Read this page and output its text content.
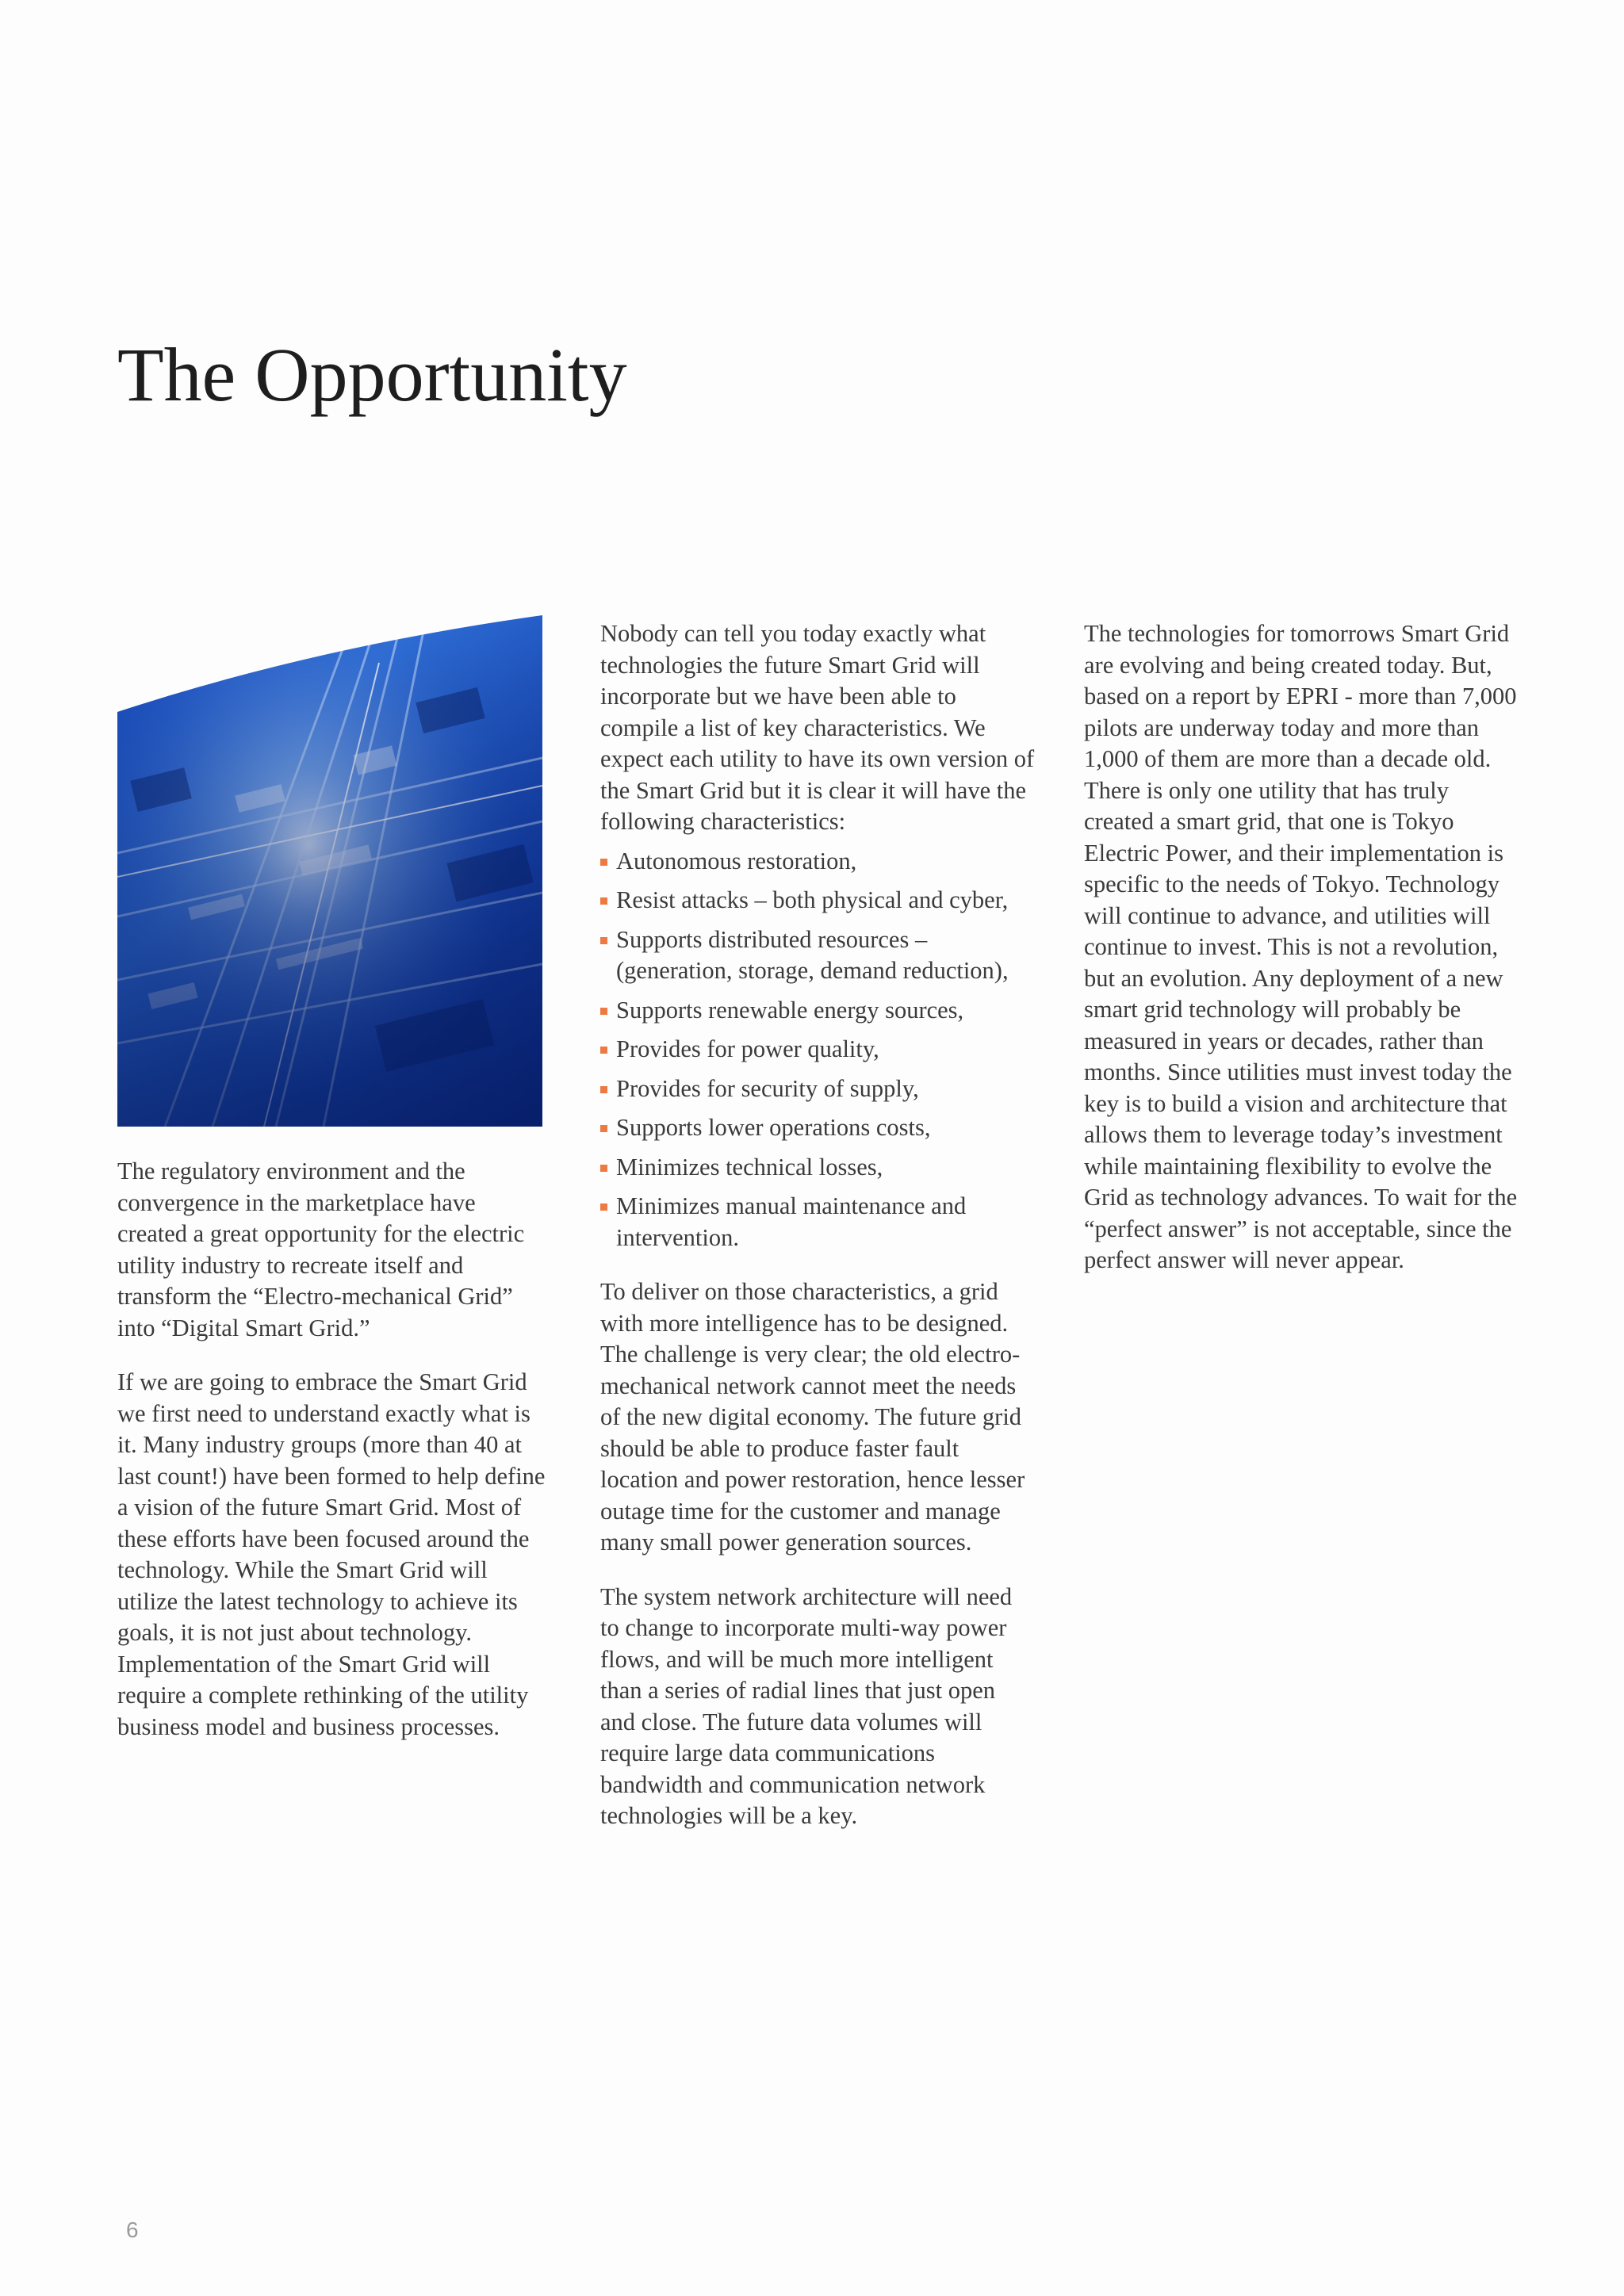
The Opportunity

The regulatory environment and the convergence in the marketplace have created a great opportunity for the electric utility industry to recreate itself and transform the “Electro-mechanical Grid” into “Digital Smart Grid.”

If we are going to embrace the Smart Grid we first need to understand exactly what is it. Many industry groups (more than 40 at last count!) have been formed to help define a vision of the future Smart Grid. Most of these efforts have been focused around the technology. While the Smart Grid will utilize the latest technology to achieve its goals, it is not just about technology. Implementation of the Smart Grid will require a complete rethinking of the utility business model and business processes.

Nobody can tell you today exactly what technologies the future Smart Grid will incorporate but we have been able to compile a list of key characteristics. We expect each utility to have its own version of the Smart Grid but it is clear it will have the following characteristics:

Autonomous restoration,
Resist attacks – both physical and cyber,
Supports distributed resources – (generation, storage, demand reduction),
Supports renewable energy sources,
Provides for power quality,
Provides for security of supply,
Supports lower operations costs,
Minimizes technical losses,
Minimizes manual maintenance and intervention.

To deliver on those characteristics, a grid with more intelligence has to be designed. The challenge is very clear; the old electro-mechanical network cannot meet the needs of the new digital economy. The future grid should be able to produce faster fault location and power restoration, hence lesser outage time for the customer and manage many small power generation sources.

The system network architecture will need to change to incorporate multi-way power flows, and will be much more intelligent than a series of radial lines that just open and close. The future data volumes will require large data communications bandwidth and communication network technologies will be a key.

The technologies for tomorrows Smart Grid are evolving and being created today. But, based on a report by EPRI - more than 7,000 pilots are underway today and more than 1,000 of them are more than a decade old. There is only one utility that has truly created a smart grid, that one is Tokyo Electric Power, and their implementation is specific to the needs of Tokyo. Technology will continue to advance, and utilities will continue to invest. This is not a revolution, but an evolution. Any deployment of a new smart grid technology will probably be measured in years or decades, rather than months. Since utilities must invest today the key is to build a vision and architecture that allows them to leverage today’s investment while maintaining flexibility to evolve the Grid as technology advances. To wait for the “perfect answer” is not acceptable, since the perfect answer will never appear.

6
